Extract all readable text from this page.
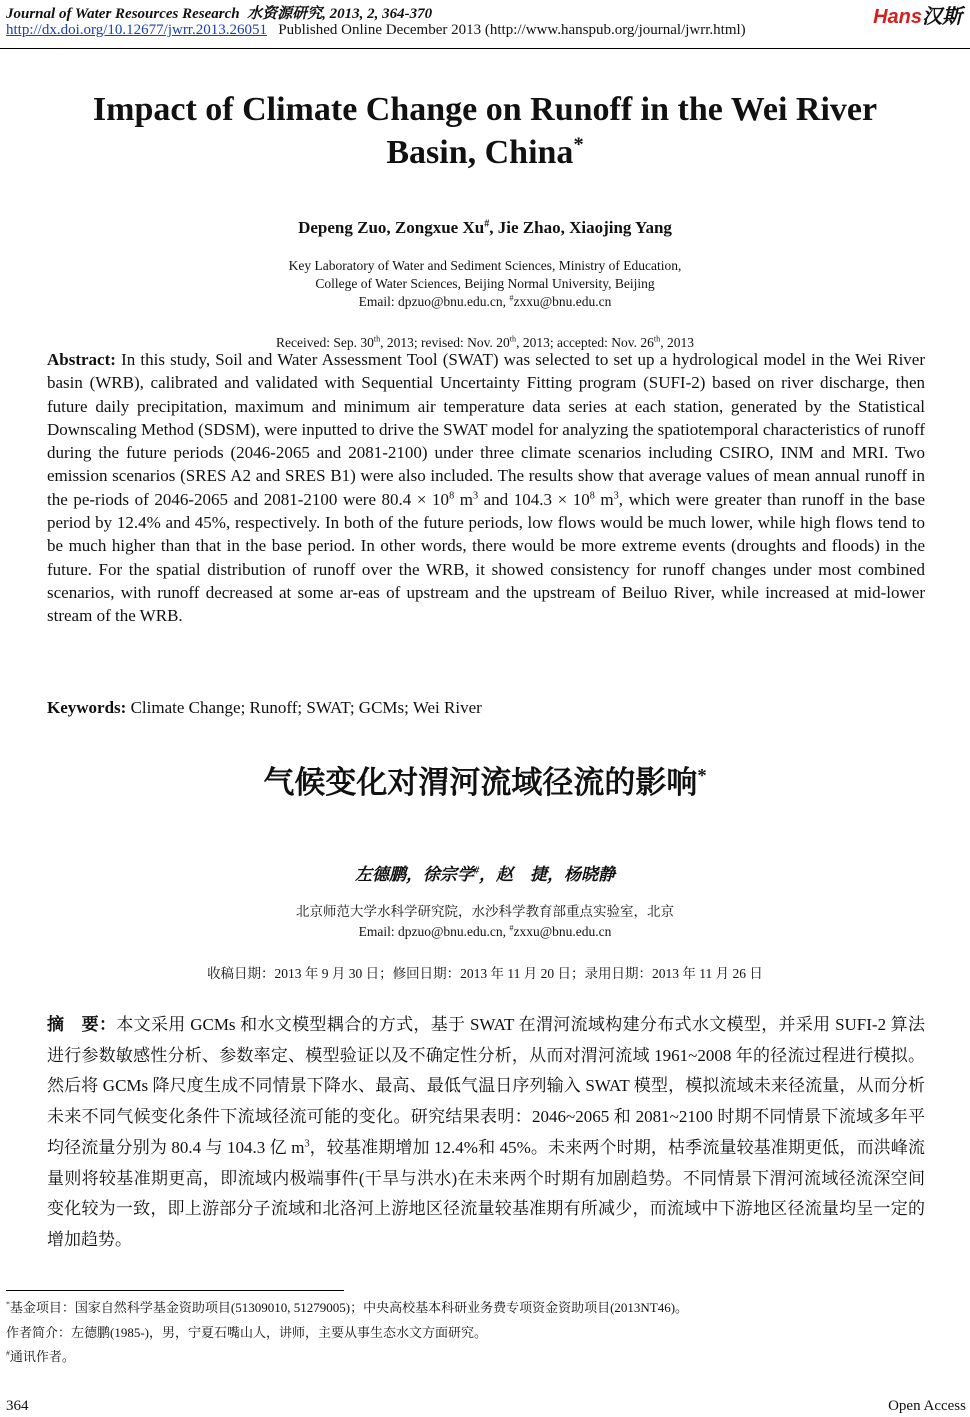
Journal of Water Resources Research 水资源研究, 2013, 2, 364-370
http://dx.doi.org/10.12677/jwrr.2013.26051 Published Online December 2013 (http://www.hanspub.org/journal/jwrr.html)
Hans汉斯
Impact of Climate Change on Runoff in the Wei River
Basin, China*
Depeng Zuo, Zongxue Xu#, Jie Zhao, Xiaojing Yang
Key Laboratory of Water and Sediment Sciences, Ministry of Education,
College of Water Sciences, Beijing Normal University, Beijing
Email: dpzuo@bnu.edu.cn, #zxxu@bnu.edu.cn
Received: Sep. 30th, 2013; revised: Nov. 20th, 2013; accepted: Nov. 26th, 2013
Abstract: In this study, Soil and Water Assessment Tool (SWAT) was selected to set up a hydrological model in the Wei River basin (WRB), calibrated and validated with Sequential Uncertainty Fitting program (SUFI-2) based on river discharge, then future daily precipitation, maximum and minimum air temperature data series at each station, generated by the Statistical Downscaling Method (SDSM), were inputted to drive the SWAT model for analyzing the spatiotemporal characteristics of runoff during the future periods (2046-2065 and 2081-2100) under three climate scenarios including CSIRO, INM and MRI. Two emission scenarios (SRES A2 and SRES B1) were also included. The results show that average values of mean annual runoff in the pe-riods of 2046-2065 and 2081-2100 were $80.4 \times 10^8$ $m^3$ and $104.3 \times 10^8$ $m^3$, which were greater than runoff in the base period by 12.4% and 45%, respectively. In both of the future periods, low flows would be much lower, while high flows tend to be much higher than that in the base period. In other words, there would be more extreme events (droughts and floods) in the future. For the spatial distribution of runoff over the WRB, it showed consistency for runoff changes under most combined scenarios, with runoff decreased at some ar-eas of upstream and the upstream of Beiluo River, while increased at mid-lower stream of the WRB.
Keywords: Climate Change; Runoff; SWAT; GCMs; Wei River
气候变化对渭河流域径流的影响*
左德鹏，徐宗学#，赵　捷，杨晓静
北京师范大学水科学研究院，水沙科学教育部重点实验室，北京
Email: dpzuo@bnu.edu.cn, #zxxu@bnu.edu.cn
收稿日期：2013 年 9 月 30 日；修回日期：2013 年 11 月 20 日；录用日期：2013 年 11 月 26 日
摘　要：本文采用 GCMs 和水文模型耦合的方式，基于 SWAT 在渭河流域构建分布式水文模型，并采用 SUFI-2 算法进行参数敏感性分析、参数率定、模型验证以及不确定性分析，从而对渭河流域 1961~2008 年的径流过程进行模拟。然后将 GCMs 降尺度生成不同情景下降水、最高、最低气温日序列输入 SWAT 模型，模拟流域未来径流量，从而分析未来不同气候变化条件下流域径流可能的变化。研究结果表明：2046~2065 和 2081~2100 时期不同情景下流域多年平均径流量分别为 80.4 与 104.3 亿 $m^3$，较基准期增加 12.4%和 45%。未来两个时期，枯季流量较基准期更低，而洪峰流量则将较基准期更高，即流域内极端事件(干旱与洪水)在未来两个时期有加剧趋势。不同情景下渭河流域径流深空间变化较为一致，即上游部分子流域和北洛河上游地区径流量较基准期有所减少，而流域中下游地区径流量均呈一定的增加趋势。
*基金项目：国家自然科学基金资助项目(51309010, 51279005)；中央高校基本科研业务费专项资金资助项目(2013NT46)。
作者简介：左德鹏(1985-)，男，宁夏石嘴山人，讲师，主要从事生态水文方面研究。
#通讯作者。
364	Open Access
